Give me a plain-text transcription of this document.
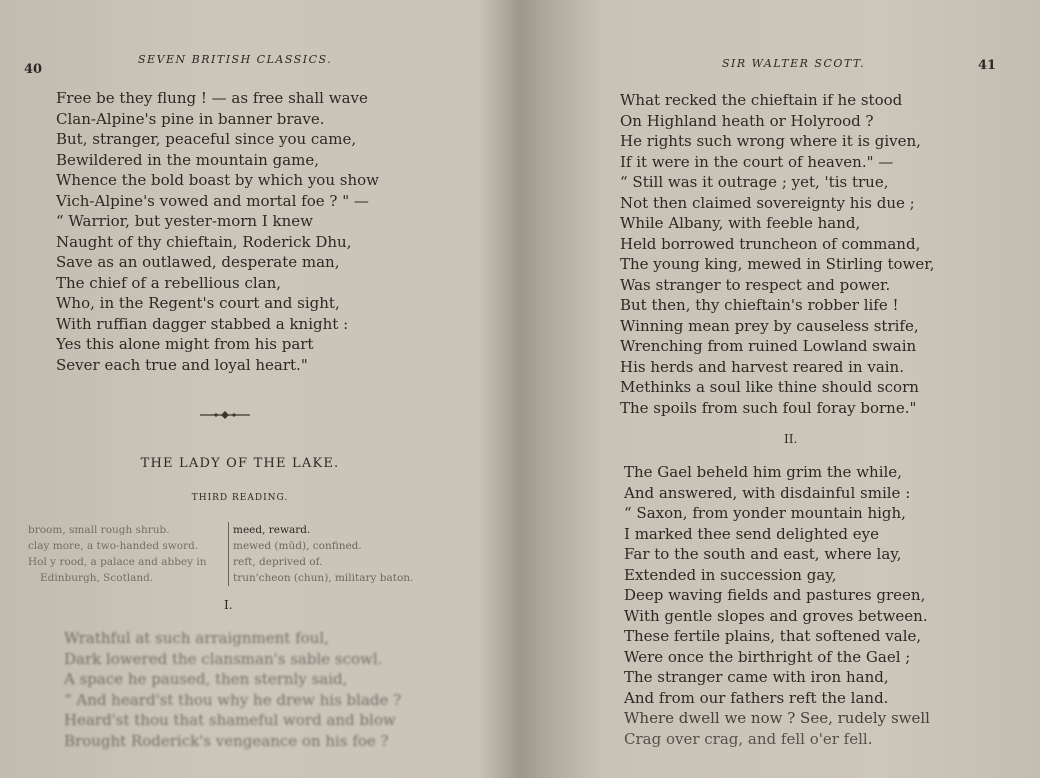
40
SEVEN BRITISH CLASSICS.
Free be they flung ! — as free shall wave
Clan-Alpine's pine in banner brave.
But, stranger, peaceful since you came,
Bewildered in the mountain game,
Whence the bold boast by which you show
Vich-Alpine's vowed and mortal foe ? " —
“ Warrior, but yester-morn I knew
Naught of thy chieftain, Roderick Dhu,
Save as an outlawed, desperate man,
The chief of a rebellious clan,
Who, in the Regent's court and sight,
With ruffian dagger stabbed a knight :
Yes this alone might from his part
Sever each true and loyal heart."
THE LADY OF THE LAKE.
THIRD READING.
broom, small rough shrub.
clay more, a two-handed sword.
Hol y rood, a palace and abbey in
Edinburgh, Scotland.
meed, reward.
mewed (mūd), confined.
reft, deprived of.
trun'cheon (chun), military baton.
I.
Wrathful at such arraignment foul,
Dark lowered the clansman's sable scowl.
A space he paused, then sternly said,
“ And heard'st thou why he drew his blade ?
Heard'st thou that shameful word and blow
Brought Roderick's vengeance on his foe ?
SIR WALTER SCOTT.	41
What recked the chieftain if he stood
On Highland heath or Holyrood ?
He rights such wrong where it is given,
If it were in the court of heaven." —
“ Still was it outrage ; yet, 'tis true,
Not then claimed sovereignty his due ;
While Albany, with feeble hand,
Held borrowed truncheon of command,
The young king, mewed in Stirling tower,
Was stranger to respect and power.
But then, thy chieftain's robber life !
Winning mean prey by causeless strife,
Wrenching from ruined Lowland swain
His herds and harvest reared in vain.
Methinks a soul like thine should scorn
The spoils from such foul foray borne."
II.
The Gael beheld him grim the while,
And answered, with disdainful smile :
“ Saxon, from yonder mountain high,
I marked thee send delighted eye
Far to the south and east, where lay,
Extended in succession gay,
Deep waving fields and pastures green,
With gentle slopes and groves between.
These fertile plains, that softened vale,
Were once the birthright of the Gael ;
The stranger came with iron hand,
And from our fathers reft the land.
Where dwell we now ? See, rudely swell
Crag over crag, and fell o'er fell.
